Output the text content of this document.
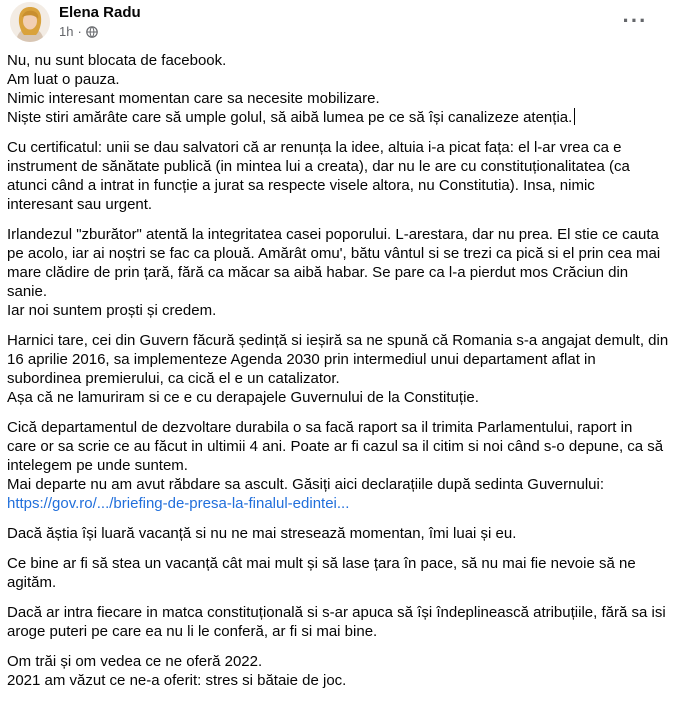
Elena Radu
1h ·	···
Nu, nu sunt blocata de facebook.
Am luat o pauza.
Nimic interesant momentan care sa necesite mobilizare.
Niște stiri amărâte care să umple golul, să aibă lumea pe ce să își canalizeze atenția.
Cu certificatul: unii se dau salvatori că ar renunța la idee, altuia i-a picat fața: el l-ar vrea ca e
instrument de sănătate publică (in mintea lui a creata), dar nu le are cu constituționalitatea (ca
atunci când a intrat in funcție a jurat sa respecte visele altora, nu Constitutia). Insa, nimic
interesant sau urgent.
Irlandezul "zburător" atentă la integritatea casei poporului. L-arestara, dar nu prea. El stie ce cauta
pe acolo, iar ai noștri se fac ca plouă. Amărât omu', bătu vântul si se trezi ca pică si el prin cea mai
mare clădire de prin țară, fără ca măcar sa aibă habar. Se pare ca l-a pierdut mos Crăciun din
sanie.
Iar noi suntem proști și credem.
Harnici tare, cei din Guvern făcură ședință si ieșiră sa ne spună că Romania s-a angajat demult, din
16 aprilie 2016, sa implementeze Agenda 2030 prin intermediul unui departament aflat in
subordinea premierului, ca cică el e un catalizator.
Așa că ne lamuriram si ce e cu derapajele Guvernului de la Constituție.
Cică departamentul de dezvoltare durabila o sa facă raport sa il trimita Parlamentului, raport in
care or sa scrie ce au făcut in ultimii 4 ani. Poate ar fi cazul sa il citim si noi când s-o depune, ca să
intelegem pe unde suntem.
Mai departe nu am avut răbdare sa ascult. Găsiți aici declarațiile după sedinta Guvernului:
https://gov.ro/.../briefing-de-presa-la-finalul-edintei...
Dacă ăștia își luară vacanță si nu ne mai stresează momentan, îmi luai și eu.
Ce bine ar fi să stea un vacanță cât mai mult și să lase țara în pace, să nu mai fie nevoie să ne
agităm.
Dacă ar intra fiecare in matca constituțională si s-ar apuca să își îndeplinească atribuțiile, fără sa isi
aroge puteri pe care ea nu li le conferă, ar fi si mai bine.
Om trăi și om vedea ce ne oferă 2022.
2021 am văzut ce ne-a oferit: stres si bătaie de joc.
